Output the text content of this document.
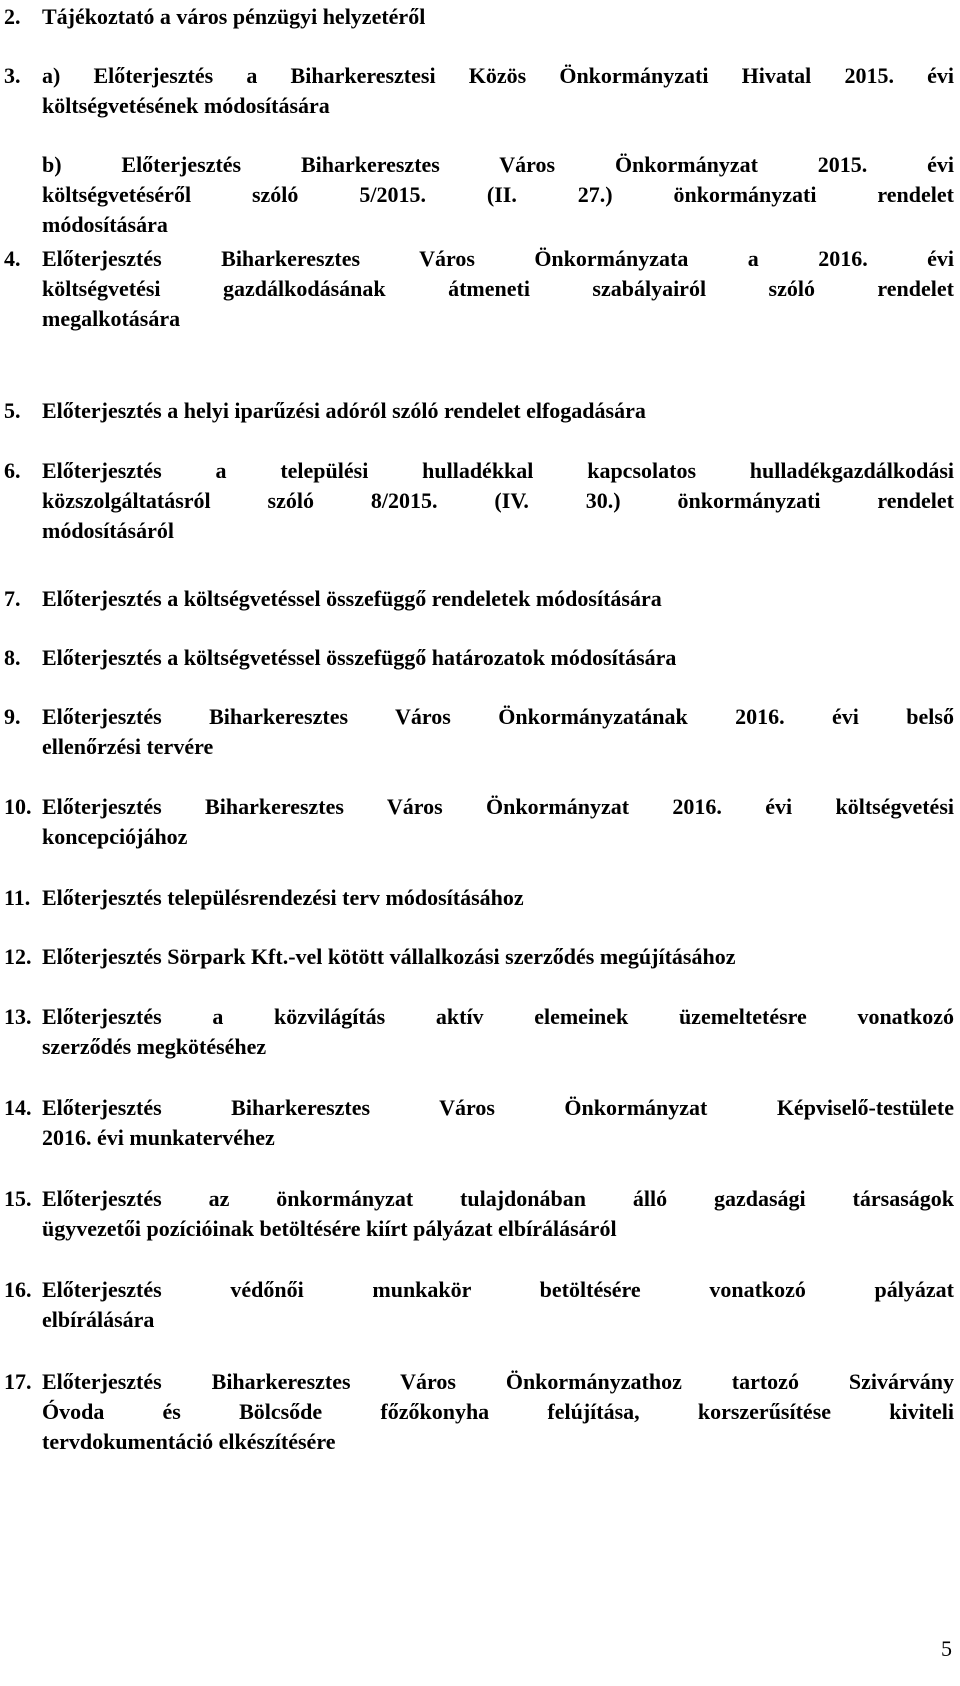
2. Tájékoztató a város pénzügyi helyzetéről
3. a) Előterjesztés a Biharkeresztesi Közös Önkormányzati Hivatal 2015. évi
költségvetésének módosítására
b) Előterjesztés Biharkeresztes Város Önkormányzat 2015. évi
költségvetéséről szóló 5/2015. (II. 27.) önkormányzati rendelet
módosítására
4. Előterjesztés Biharkeresztes Város Önkormányzata a 2016. évi
költségvetési gazdálkodásának átmeneti szabályairól szóló rendelet
megalkotására
5. Előterjesztés a helyi iparűzési adóról szóló rendelet elfogadására
6. Előterjesztés a települési hulladékkal kapcsolatos hulladékgazdálkodási
közszolgáltatásról szóló 8/2015. (IV. 30.) önkormányzati rendelet
módosításáról
7. Előterjesztés a költségvetéssel összefüggő rendeletek módosítására
8. Előterjesztés a költségvetéssel összefüggő határozatok módosítására
9. Előterjesztés Biharkeresztes Város Önkormányzatának 2016. évi belső
ellenőrzési tervére
10. Előterjesztés Biharkeresztes Város Önkormányzat 2016. évi költségvetési
koncepciójához
11. Előterjesztés településrendezési terv módosításához
12. Előterjesztés Sörpark Kft.-vel kötött vállalkozási szerződés megújításához
13. Előterjesztés a közvilágítás aktív elemeinek üzemeltetésre vonatkozó
szerződés megkötéséhez
14. Előterjesztés Biharkeresztes Város Önkormányzat Képviselő-testülete
2016. évi munkatervéhez
15. Előterjesztés az önkormányzat tulajdonában álló gazdasági társaságok
ügyvezetői pozícióinak betöltésére kiírt pályázat elbírálásáról
16. Előterjesztés védőnői munkakör betöltésére vonatkozó pályázat
elbírálására
17. Előterjesztés Biharkeresztes Város Önkormányzathoz tartozó Szivárvány
Óvoda és Bölcsőde főzőkonyha felújítása, korszerűsítése kiviteli
tervdokumentáció elkészítésére
5
